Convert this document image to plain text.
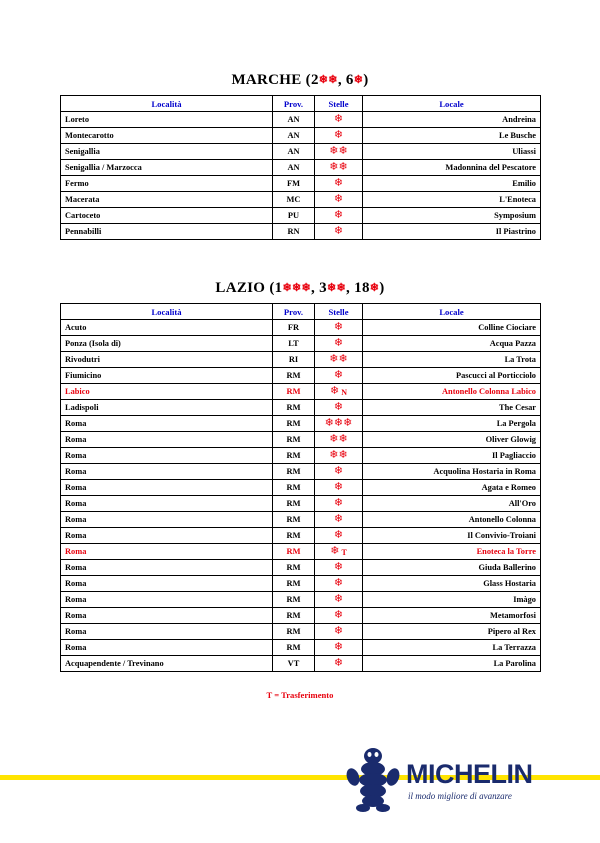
MARCHE (2❄❄, 6❄)
Località	Prov.	Stelle	Locale
Loreto	AN	❄	Andreina
Montecarotto	AN	❄	Le Busche
Senigallia	AN	❄❄	Uliassi
Senigallia / Marzocca	AN	❄❄	Madonnina del Pescatore
Fermo	FM	❄	Emilio
Macerata	MC	❄	L'Enoteca
Cartoceto	PU	❄	Symposium
Pennabilli	RN	❄	Il Piastrino
LAZIO (1❄❄❄, 3❄❄, 18❄)
Località	Prov.	Stelle	Locale
Acuto	FR	❄	Colline Ciociare
Ponza (Isola di)	LT	❄	Acqua Pazza
Rivodutri	RI	❄❄	La Trota
Fiumicino	RM	❄	Pascucci al Porticciolo
Labico	RM	❄ N	Antonello Colonna Labico
Ladispoli	RM	❄	The Cesar
Roma	RM	❄❄❄	La Pergola
Roma	RM	❄❄	Oliver Glowig
Roma	RM	❄❄	Il Pagliaccio
Roma	RM	❄	Acquolina Hostaria in Roma
Roma	RM	❄	Agata e Romeo
Roma	RM	❄	All'Oro
Roma	RM	❄	Antonello Colonna
Roma	RM	❄	Il Convivio-Troiani
Roma	RM	❄ T	Enoteca la Torre
Roma	RM	❄	Giuda Ballerino
Roma	RM	❄	Glass Hostaria
Roma	RM	❄	Imàgo
Roma	RM	❄	Metamorfosi
Roma	RM	❄	Pipero al Rex
Roma	RM	❄	La Terrazza
Acquapendente / Trevinano	VT	❄	La Parolina
T = Trasferimento
MICHELIN
il modo migliore di avanzare
